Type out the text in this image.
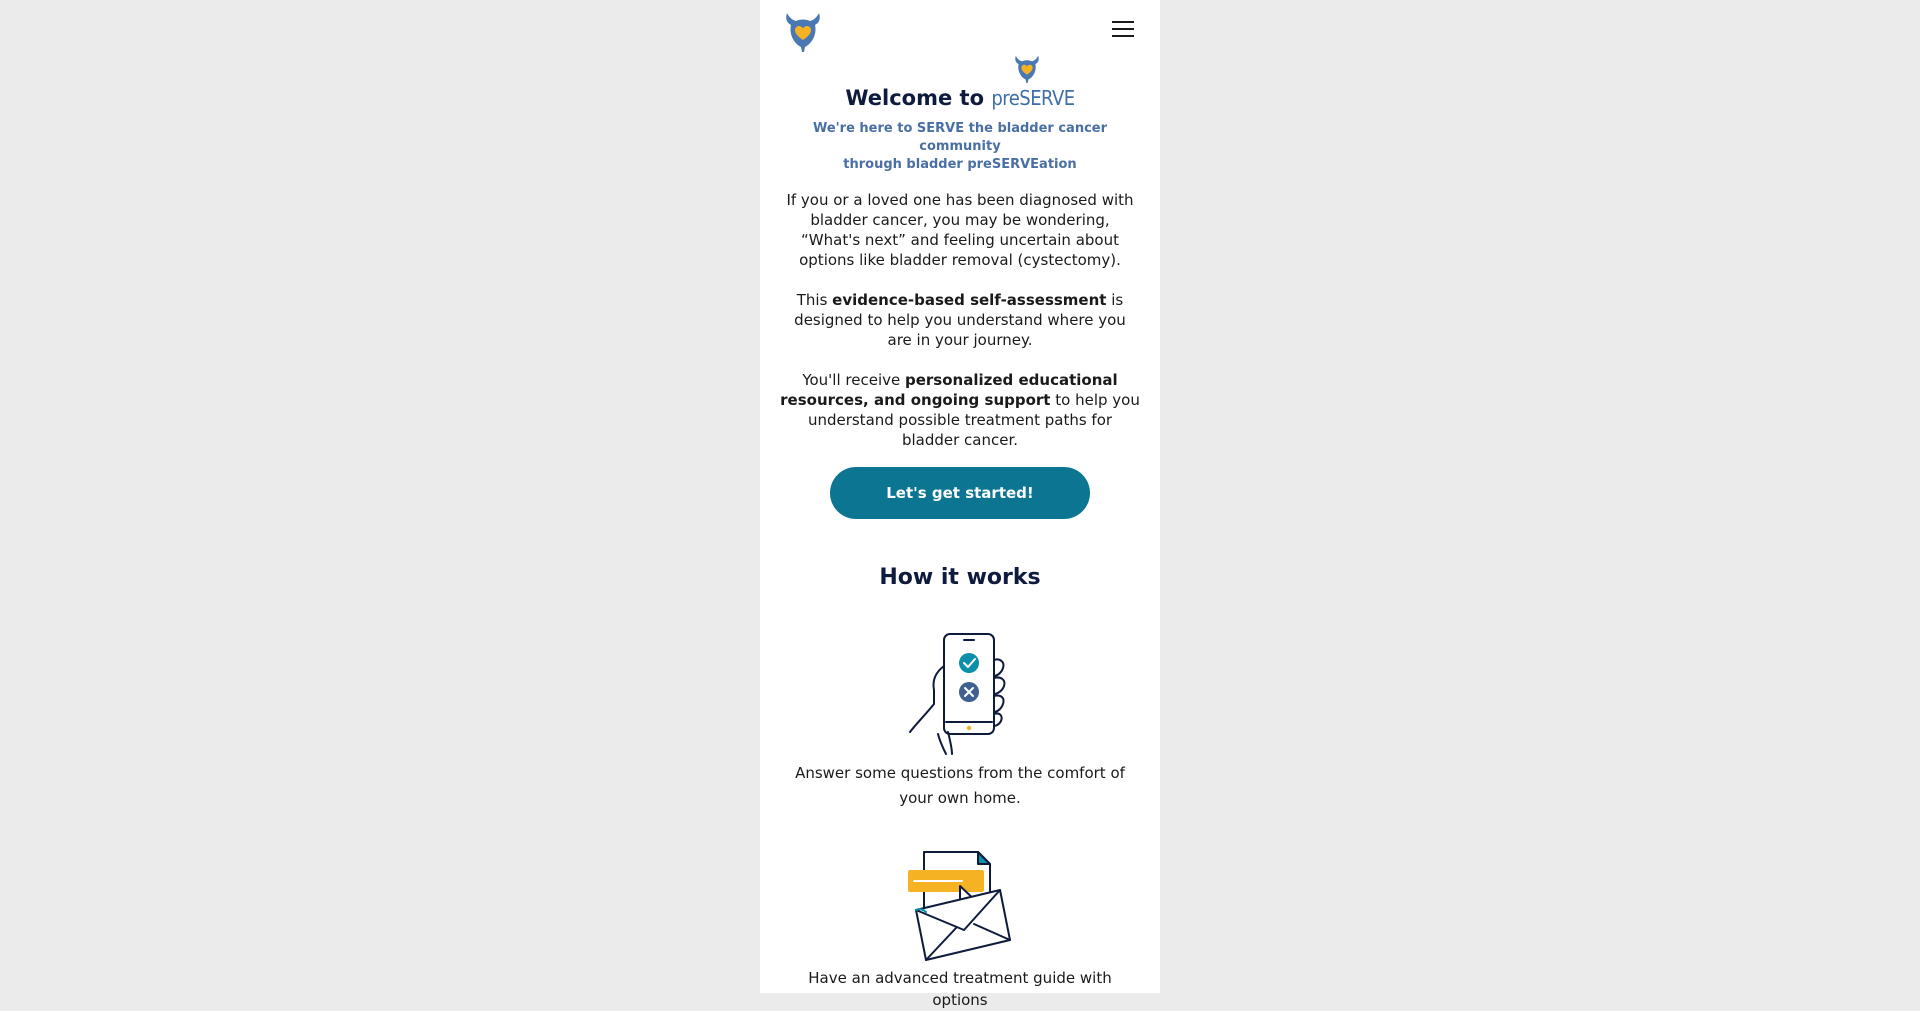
Welcome to preSERVE

We're here to SERVE the bladder cancer community
through bladder preSERVEation

If you or a loved one has been diagnosed with bladder cancer, you may be wondering, “What's next” and feeling uncertain about options like bladder removal (cystectomy).

This evidence-based self-assessment is designed to help you understand where you are in your journey.

You'll receive personalized educational resources, and ongoing support to help you understand possible treatment paths for bladder cancer.

Let's get started!
How it works

Answer some questions from the comfort of your own home.

Have an advanced treatment guide with options
